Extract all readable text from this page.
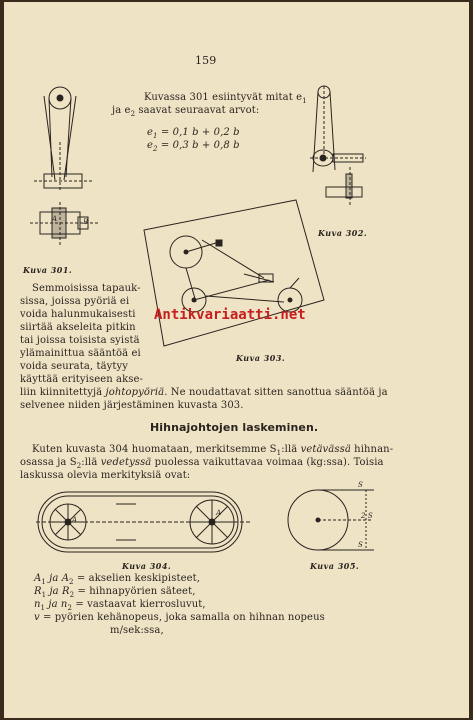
159
A	B
Kuva 301.
Kuvassa 301 esiintyvät mitat $e_1$
ja $e_2$ saavat seuraavat arvot:
$e_1 = 0,1$ b + 0,2 b
$e_2 = 0,3$ b + 0,8 b
Kuva 302.
Kuva 303.
Semmoisissa tapauk-
sissa, joissa pyöriä ei
voida halunmukaisesti
siirtää akseleita pitkin
tai joissa toisista syistä
ylämainittua sääntöä ei
voida seurata, täytyy
käyttää erityiseen akse-
liin kiinnitettyjä johtopyöriä. Ne noudattavat sitten sanottua sääntöä ja
selvenee niiden järjestäminen kuvasta 303.
Antikvariaatti.net
Hihnajohtojen laskeminen.
Kuten kuvasta 304 huomataan, merkitsemme $S_1:llä$ vetävässä hihnan-
osassa ja $S_2:llä$ vedetyssä puolessa vaikuttavaa voimaa (kg:ssa). Toisia
laskussa olevia merkityksiä ovat:
A
A
Kuva 304.
S
2 S
S
Kuva 305.
$A_1$ ja $A_2$ = akselien keskipisteet,
$R_1$ ja $R_2$ = hihnapyörien säteet,
$n_1$ ja $n_2$ = vastaavat kierrosluvut,
v = pyörien kehänopeus, joka samalla on hihnan nopeus
m/sek:ssa,
